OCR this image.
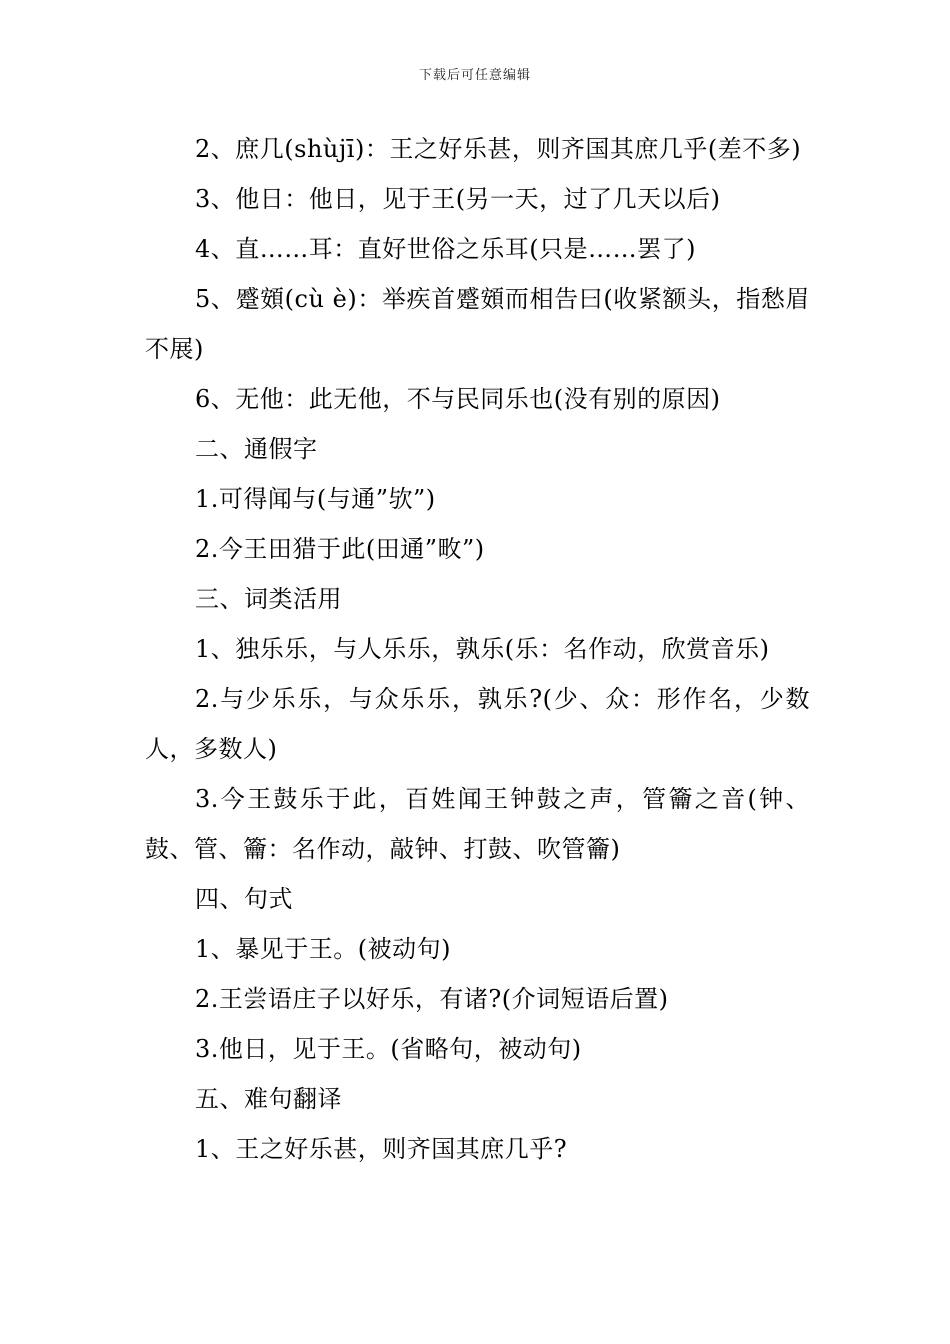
下载后可任意编辑

2、庶几(shùjī)：王之好乐甚，则齐国其庶几乎(差不多)

3、他日：他日，见于王(另一天，过了几天以后)

4、直……耳：直好世俗之乐耳(只是……罢了)

5、蹙頞(cù è)：举疾首蹙頞而相告曰(收紧额头，指愁眉不展)

6、无他：此无他，不与民同乐也(没有别的原因)

二、通假字

1.可得闻与(与通”欤”)

2.今王田猎于此(田通”畋”)

三、词类活用

1、独乐乐，与人乐乐，孰乐(乐：名作动，欣赏音乐)

2.与少乐乐，与众乐乐，孰乐?(少、众：形作名，少数人，多数人)

3.今王鼓乐于此，百姓闻王钟鼓之声，管籥之音(钟、鼓、管、籥：名作动，敲钟、打鼓、吹管籥)

四、句式

1、暴见于王。(被动句)

2.王尝语庄子以好乐，有诸?(介词短语后置)

3.他日，见于王。(省略句，被动句)

五、难句翻译

1、王之好乐甚，则齐国其庶几乎?
